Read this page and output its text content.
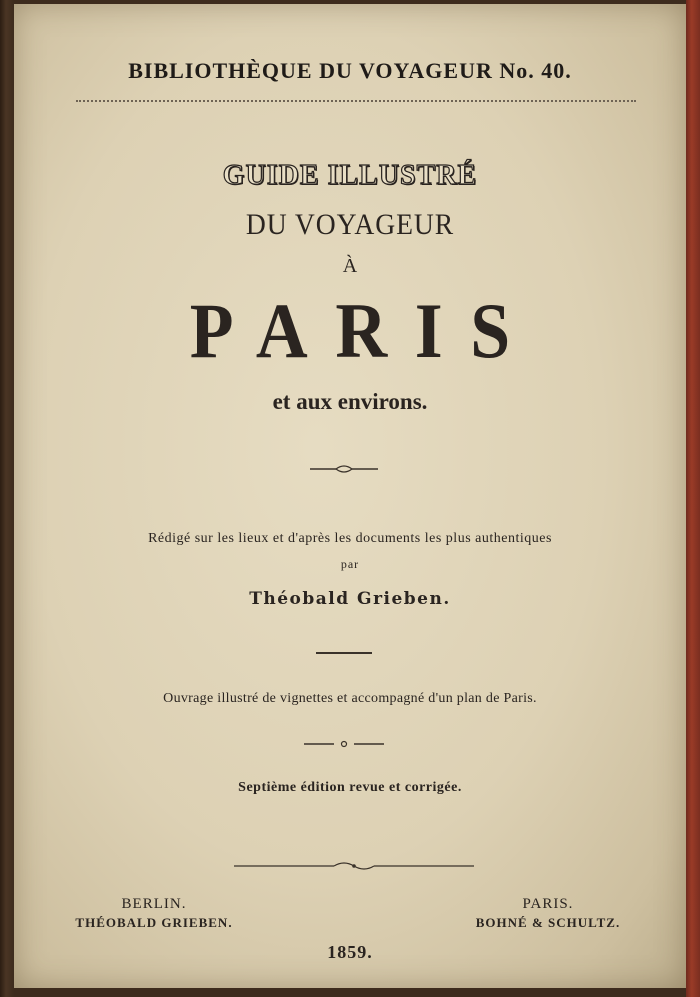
BIBLIOTHÈQUE DU VOYAGEUR No. 40.
GUIDE ILLUSTRÉ
DU VOYAGEUR
À
PARIS
et aux environs.
Rédigé sur les lieux et d'après les documents les plus authentiques
par
Théobald Grieben.
Ouvrage illustré de vignettes et accompagné d'un plan de Paris.
Septième édition revue et corrigée.
BERLIN.
THÉOBALD GRIEBEN.
PARIS.
BOHNÉ & SCHULTZ.
1859.
